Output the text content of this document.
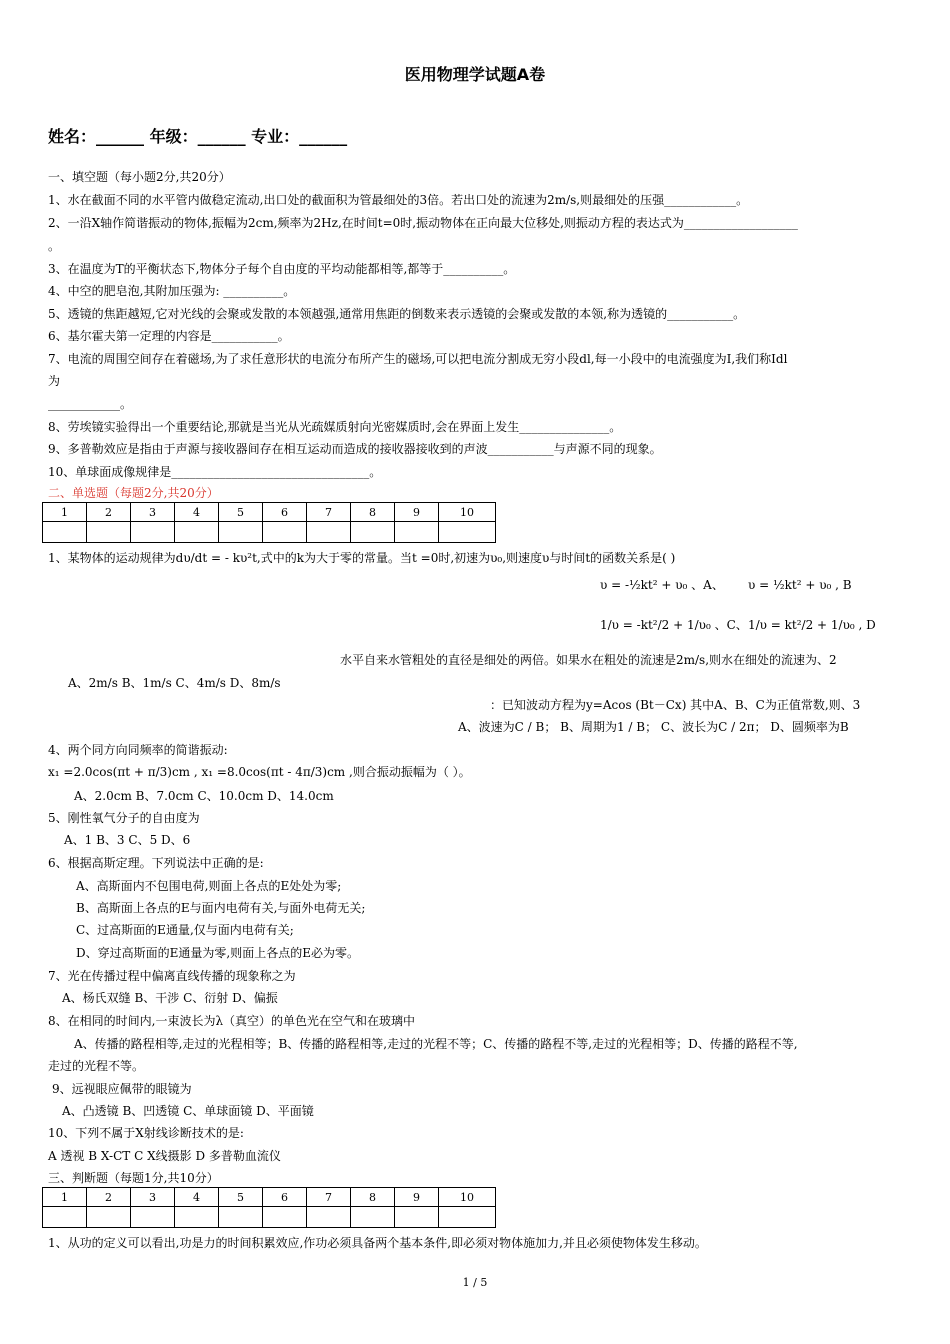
医用物理学试题A卷
姓名：______ 年级：______ 专业：______
一、填空题（每小题2分,共20分）
1、水在截面不同的水平管内做稳定流动,出口处的截面积为管最细处的3倍。若出口处的流速为2m/s,则最细处的压强____________。
2、一沿X轴作简谐振动的物体,振幅为2cm,频率为2Hz,在时间t=0时,振动物体在正向最大位移处,则振动方程的表达式为___________________
。
3、在温度为T的平衡状态下,物体分子每个自由度的平均动能都相等,都等于__________。
4、中空的肥皂泡,其附加压强为: __________。
5、透镜的焦距越短,它对光线的会聚或发散的本领越强,通常用焦距的倒数来表示透镜的会聚或发散的本领,称为透镜的___________。
6、基尔霍夫第一定理的内容是___________。
7、电流的周围空间存在着磁场,为了求任意形状的电流分布所产生的磁场,可以把电流分割成无穷小段dl,每一小段中的电流强度为I,我们称Idl
为
____________。
8、劳埃镜实验得出一个重要结论,那就是当光从光疏媒质射向光密媒质时,会在界面上发生_______________。
9、多普勒效应是指由于声源与接收器间存在相互运动而造成的接收器接收到的声波___________与声源不同的现象。
10、单球面成像规律是_________________________________。
二、单选题（每题2分,共20分）
1	2	3	4	5	6	7	8	9	10

1、某物体的运动规律为dυ/dt = - kυ²t,式中的k为大于零的常量。当t =0时,初速为υ₀,则速度υ与时间t的函数关系是( )
υ = -½kt² + υ₀ 、A、 υ = ½kt² + υ₀ , B
1/υ = -kt²/2 + 1/υ₀ 、C、 1/υ = kt²/2 + 1/υ₀ , D
水平自来水管粗处的直径是细处的两倍。如果水在粗处的流速是2m/s,则水在细处的流速为、2
A、2m/s B、1m/s C、4m/s D、8m/s
：已知波动方程为y=Acos (Bt－Cx) 其中A、B、C为正值常数,则、3
A、波速为C / B； B、周期为1 / B； C、波长为C / 2π； D、圆频率为B
4、两个同方向同频率的简谐振动:
x₁ =2.0cos(πt + π/3)cm , x₁ =8.0cos(πt - 4π/3)cm ,则合振动振幅为（ ）。
A、2.0cm B、7.0cm C、10.0cm D、14.0cm
5、刚性氧气分子的自由度为
A、1 B、3 C、5 D、6
6、根据高斯定理。下列说法中正确的是:
A、高斯面内不包围电荷,则面上各点的E处处为零;
B、高斯面上各点的E与面内电荷有关,与面外电荷无关;
C、过高斯面的E通量,仅与面内电荷有关;
D、穿过高斯面的E通量为零,则面上各点的E必为零。
7、光在传播过程中偏离直线传播的现象称之为
A、杨氏双缝 B、干涉 C、衍射 D、偏振
8、在相同的时间内,一束波长为λ（真空）的单色光在空气和在玻璃中
A、传播的路程相等,走过的光程相等；B、传播的路程相等,走过的光程不等；C、传播的路程不等,走过的光程相等；D、传播的路程不等,
走过的光程不等。
9、远视眼应佩带的眼镜为
A、凸透镜 B、凹透镜 C、单球面镜 D、平面镜
10、下列不属于X射线诊断技术的是:
A 透视 B X-CT C X线摄影 D 多普勒血流仪
三、判断题（每题1分,共10分）
1	2	3	4	5	6	7	8	9	10

1、从功的定义可以看出,功是力的时间积累效应,作功必须具备两个基本条件,即必须对物体施加力,并且必须使物体发生移动。
1 / 5
